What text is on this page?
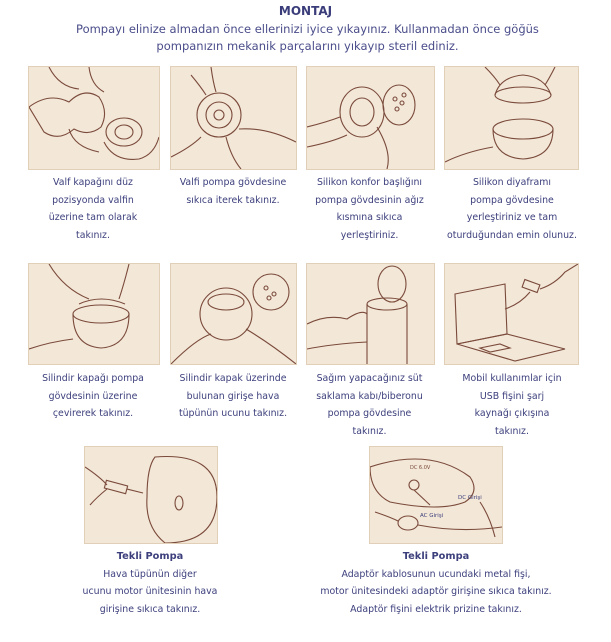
MONTAJ
Pompayı elinize almadan önce ellerinizi iyice yıkayınız. Kullanmadan önce göğüs
pompanızın mekanik parçalarını yıkayıp steril ediniz.
Valf kapağını düz
pozisyonda valfin
üzerine tam olarak
takınız.
Valfi pompa gövdesine
sıkıca iterek takınız.
Silikon konfor başlığını
pompa gövdesinin ağız
kısmına sıkıca
yerleştiriniz.
Silikon diyaframı
pompa gövdesine
yerleştiriniz ve tam
oturduğundan emin olunuz.
Silindir kapağı pompa
gövdesinin üzerine
çevirerek takınız.
Silindir kapak üzerinde
bulunan girişe hava
tüpünün ucunu takınız.
Sağım yapacağınız süt
saklama kabı/biberonu
pompa gövdesine
takınız.
Mobil kullanımlar için
USB fişini şarj
kaynağı çıkışına
takınız.
DC 6.0V
DC Girişi
AC Girişi
Tekli Pompa
Hava tüpünün diğer
ucunu motor ünitesinin hava
girişine sıkıca takınız.
Tekli Pompa
Adaptör kablosunun ucundaki metal fişi,
motor ünitesindeki adaptör girişine sıkıca takınız.
Adaptör fişini elektrik prizine takınız.
